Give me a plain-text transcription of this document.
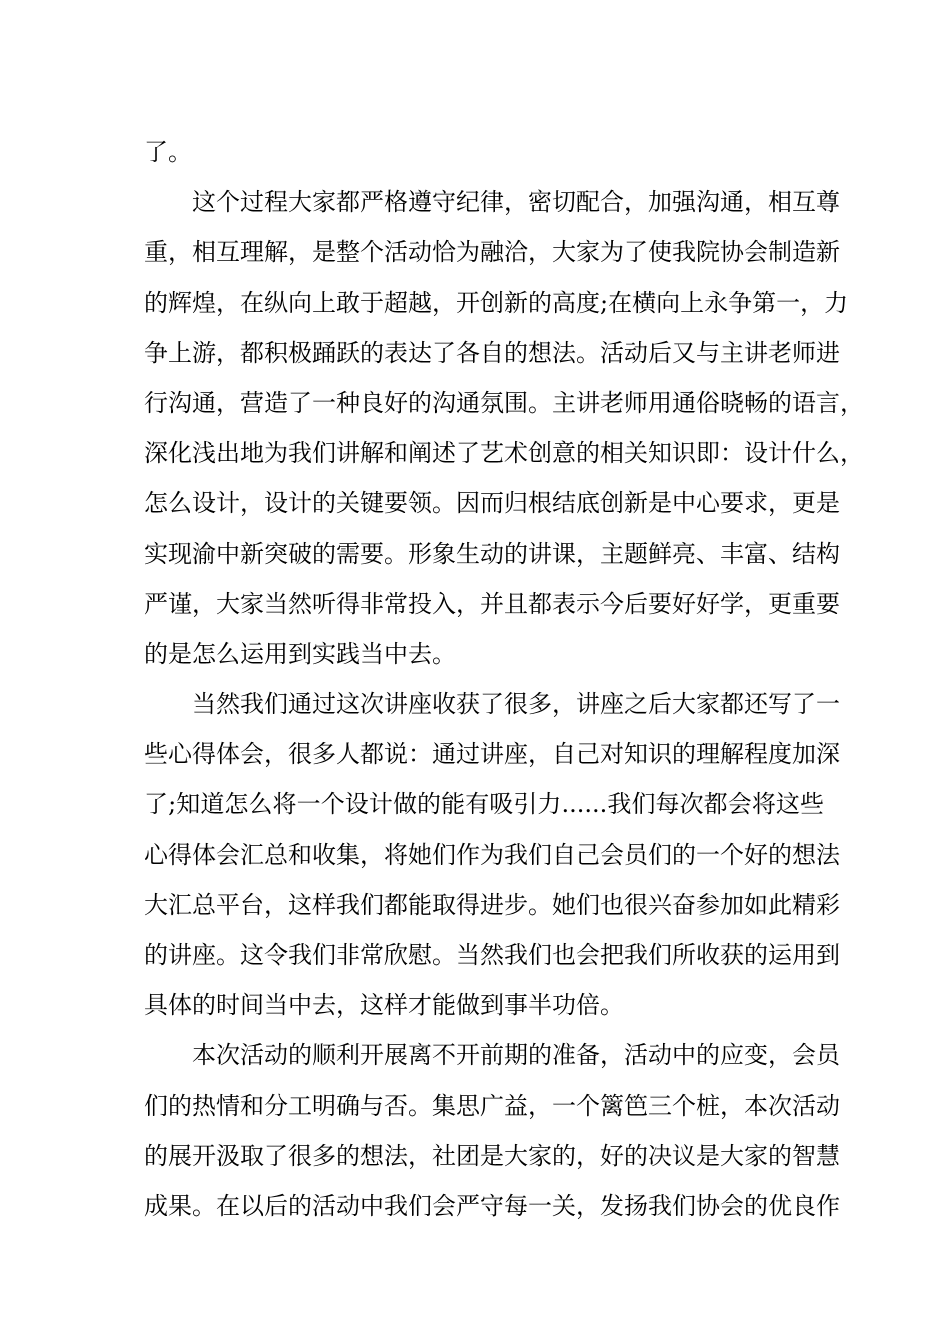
了。
这个过程大家都严格遵守纪律，密切配合，加强沟通，相互尊
重，相互理解，是整个活动恰为融洽，大家为了使我院协会制造新
的辉煌，在纵向上敢于超越，开创新的高度;在横向上永争第一，力
争上游，都积极踊跃的表达了各自的想法。活动后又与主讲老师进
行沟通，营造了一种良好的沟通氛围。主讲老师用通俗晓畅的语言，
深化浅出地为我们讲解和阐述了艺术创意的相关知识即：设计什么，
怎么设计，设计的关键要领。因而归根结底创新是中心要求，更是
实现渝中新突破的需要。形象生动的讲课，主题鲜亮、丰富、结构
严谨，大家当然听得非常投入，并且都表示今后要好好学，更重要
的是怎么运用到实践当中去。
当然我们通过这次讲座收获了很多，讲座之后大家都还写了一
些心得体会，很多人都说：通过讲座，自己对知识的理解程度加深
了;知道怎么将一个设计做的能有吸引力......我们每次都会将这些
心得体会汇总和收集，将她们作为我们自己会员们的一个好的想法
大汇总平台，这样我们都能取得进步。她们也很兴奋参加如此精彩
的讲座。这令我们非常欣慰。当然我们也会把我们所收获的运用到
具体的时间当中去，这样才能做到事半功倍。
本次活动的顺利开展离不开前期的准备，活动中的应变，会员
们的热情和分工明确与否。集思广益，一个篱笆三个桩，本次活动
的展开汲取了很多的想法，社团是大家的，好的决议是大家的智慧
成果。在以后的活动中我们会严守每一关，发扬我们协会的优良作
